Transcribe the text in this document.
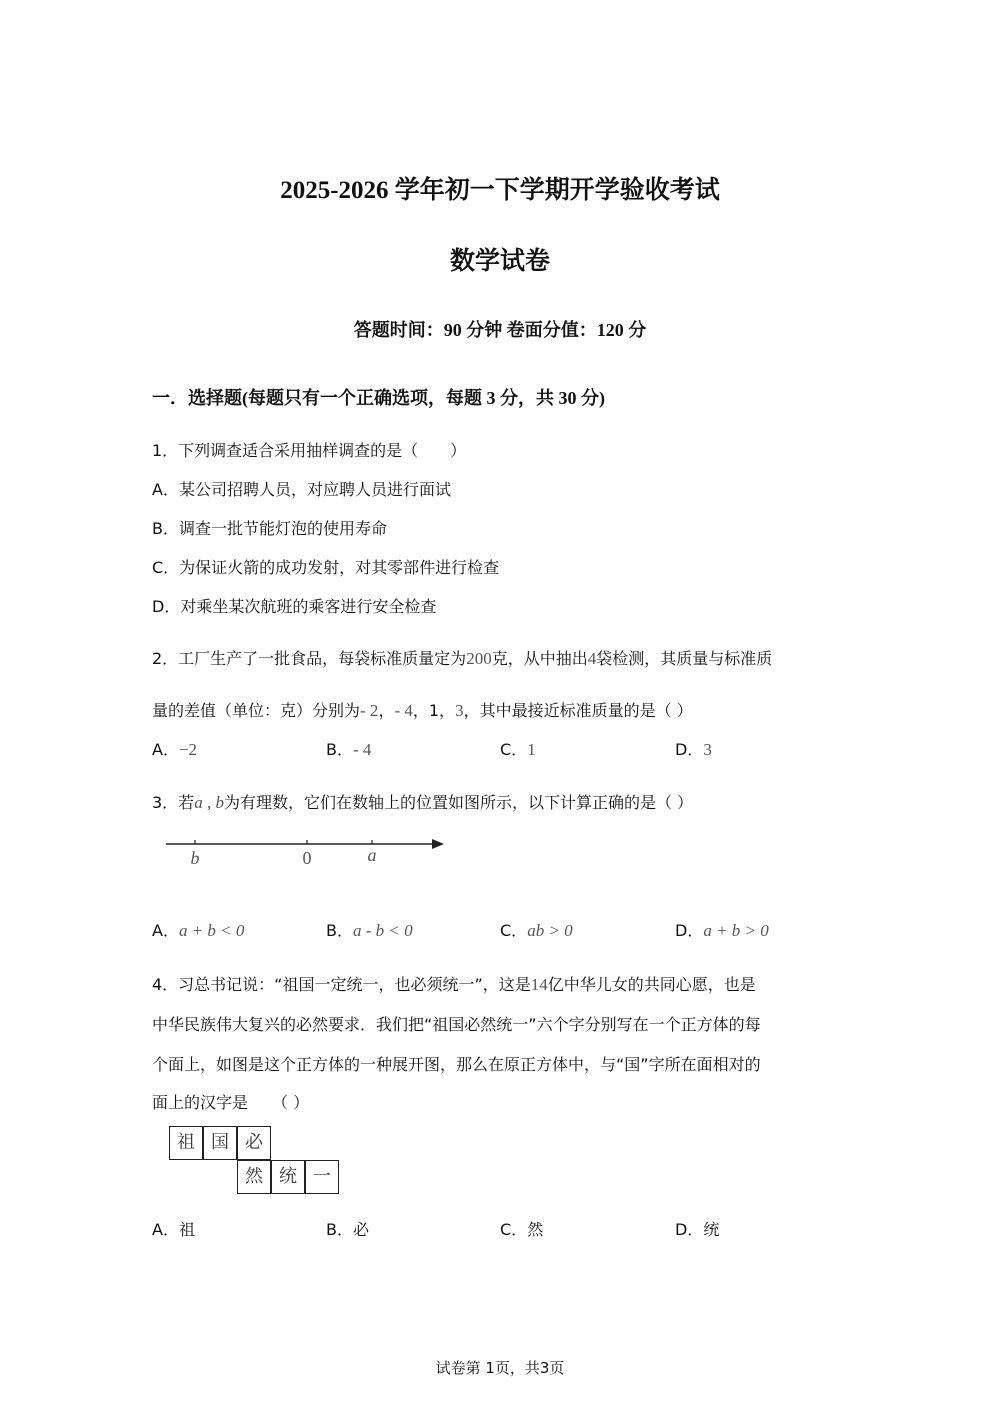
2025-2026 学年初一下学期开学验收考试
数学试卷
答题时间：90 分钟 卷面分值：120 分
一．选择题(每题只有一个正确选项，每题 3 分，共 30 分)
1．下列调查适合采用抽样调查的是（　　）
A．某公司招聘人员，对应聘人员进行面试
B．调查一批节能灯泡的使用寿命
C．为保证火箭的成功发射，对其零部件进行检查
D．对乘坐某次航班的乘客进行安全检查
2．工厂生产了一批食品，每袋标准质量定为200克，从中抽出4袋检测，其质量与标准质
量的差值（单位：克）分别为- 2，- 4，1，3，其中最接近标准质量的是（ ）
A．−2	B．- 4	C．1	D．3
3．若a , b为有理数，它们在数轴上的位置如图所示，以下计算正确的是（ ）
b	0	a
A．a + b < 0	B．a - b < 0	C．ab > 0	D．a + b > 0
4．习总书记说：“祖国一定统一，也必须统一”，这是14亿中华儿女的共同心愿，也是
中华民族伟大复兴的必然要求．我们把“祖国必然统一”六个字分别写在一个正方体的每
个面上，如图是这个正方体的一种展开图，那么在原正方体中，与“国”字所在面相对的
面上的汉字是　　（ ）
祖 国 必
然 统 一
A．祖	B．必	C．然	D．统
试卷第 1页，共3页
